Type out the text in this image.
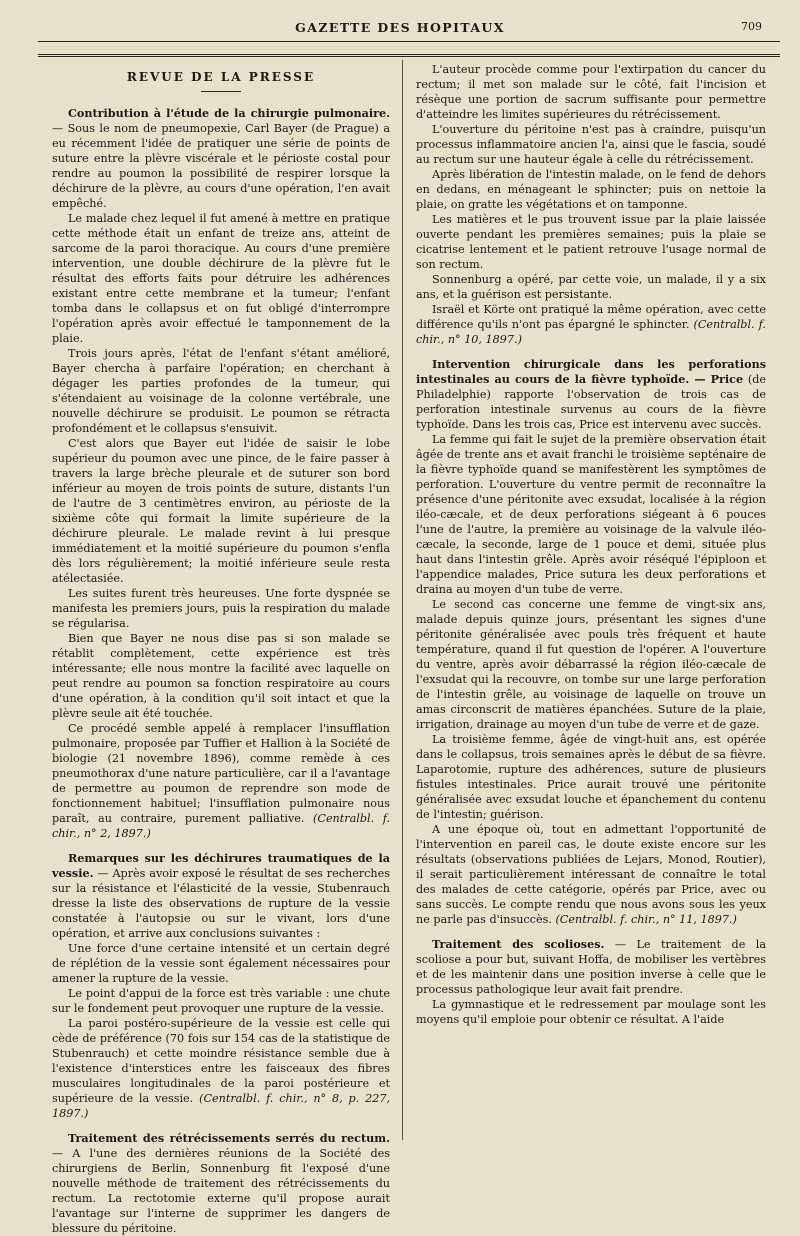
GAZETTE DES HOPITAUX	709
REVUE DE LA PRESSE

Contribution à l'étude de la chirurgie pulmonaire. — Sous le nom de pneumopexie, Carl Bayer (de Prague) a eu récemment l'idée de pratiquer une série de points de suture entre la plèvre viscérale et le périoste costal pour rendre au poumon la possibilité de respirer lorsque la déchirure de la plèvre, au cours d'une opération, l'en avait empêché.

Le malade chez lequel il fut amené à mettre en pratique cette méthode était un enfant de treize ans, atteint de sarcome de la paroi thoracique. Au cours d'une première intervention, une double déchirure de la plèvre fut le résultat des efforts faits pour détruire les adhérences existant entre cette membrane et la tumeur; l'enfant tomba dans le collapsus et on fut obligé d'interrompre l'opération après avoir effectué le tamponnement de la plaie.

Trois jours après, l'état de l'enfant s'étant amélioré, Bayer chercha à parfaire l'opération; en cherchant à dégager les parties profondes de la tumeur, qui s'étendaient au voisinage de la colonne vertébrale, une nouvelle déchirure se produisit. Le poumon se rétracta profondément et le collapsus s'ensuivit.

C'est alors que Bayer eut l'idée de saisir le lobe supérieur du poumon avec une pince, de le faire passer à travers la large brèche pleurale et de suturer son bord inférieur au moyen de trois points de suture, distants l'un de l'autre de 3 centimètres environ, au périoste de la sixième côte qui formait la limite supérieure de la déchirure pleurale. Le malade revint à lui presque immédiatement et la moitié supérieure du poumon s'enfla dès lors régulièrement; la moitié inférieure seule resta atélectasiée.

Les suites furent très heureuses. Une forte dyspnée se manifesta les premiers jours, puis la respiration du malade se régularisa.

Bien que Bayer ne nous dise pas si son malade se rétablit complètement, cette expérience est très intéressante; elle nous montre la facilité avec laquelle on peut rendre au poumon sa fonction respiratoire au cours d'une opération, à la condition qu'il soit intact et que la plèvre seule ait été touchée.

Ce procédé semble appelé à remplacer l'insufflation pulmonaire, proposée par Tuffier et Hallion à la Société de biologie (21 novembre 1896), comme remède à ces pneumothorax d'une nature particulière, car il a l'avantage de permettre au poumon de reprendre son mode de fonctionnement habituel; l'insufflation pulmonaire nous paraît, au contraire, purement palliative. (Centralbl. f. chir., n° 2, 1897.)

Remarques sur les déchirures traumatiques de la vessie. — Après avoir exposé le résultat de ses recherches sur la résistance et l'élasticité de la vessie, Stubenrauch dresse la liste des observations de rupture de la vessie constatée à l'autopsie ou sur le vivant, lors d'une opération, et arrive aux conclusions suivantes :

Une force d'une certaine intensité et un certain degré de réplétion de la vessie sont également nécessaires pour amener la rupture de la vessie.

Le point d'appui de la force est très variable : une chute sur le fondement peut provoquer une rupture de la vessie.

La paroi postéro-supérieure de la vessie est celle qui cède de préférence (70 fois sur 154 cas de la statistique de Stubenrauch) et cette moindre résistance semble due à l'existence d'interstices entre les faisceaux des fibres musculaires longitudinales de la paroi postérieure et supérieure de la vessie. (Centralbl. f. chir., n° 8, p. 227, 1897.)

Traitement des rétrécissements serrés du rectum. — A l'une des dernières réunions de la Société des chirurgiens de Berlin, Sonnenburg fit l'exposé d'une nouvelle méthode de traitement des rétrécissements du rectum. La rectotomie externe qu'il propose aurait l'avantage sur l'interne de supprimer les dangers de blessure du péritoine.

L'auteur procède comme pour l'extirpation du cancer du rectum; il met son malade sur le côté, fait l'incision et résèque une portion de sacrum suffisante pour permettre d'atteindre les limites supérieures du rétrécissement.

L'ouverture du péritoine n'est pas à craindre, puisqu'un processus inflammatoire ancien l'a, ainsi que le fascia, soudé au rectum sur une hauteur égale à celle du rétrécissement.

Après libération de l'intestin malade, on le fend de dehors en dedans, en ménageant le sphincter; puis on nettoie la plaie, on gratte les végétations et on tamponne.

Les matières et le pus trouvent issue par la plaie laissée ouverte pendant les premières semaines; puis la plaie se cicatrise lentement et le patient retrouve l'usage normal de son rectum.

Sonnenburg a opéré, par cette voie, un malade, il y a six ans, et la guérison est persistante.

Israël et Körte ont pratiqué la même opération, avec cette différence qu'ils n'ont pas épargné le sphincter. (Centralbl. f. chir., n° 10, 1897.)

Intervention chirurgicale dans les perforations intestinales au cours de la fièvre typhoïde. — Price (de Philadelphie) rapporte l'observation de trois cas de perforation intestinale survenus au cours de la fièvre typhoïde. Dans les trois cas, Price est intervenu avec succès.

La femme qui fait le sujet de la première observation était âgée de trente ans et avait franchi le troisième septénaire de la fièvre typhoïde quand se manifestèrent les symptômes de perforation. L'ouverture du ventre permit de reconnaître la présence d'une péritonite avec exsudat, localisée à la région iléo-cæcale, et de deux perforations siégeant à 6 pouces l'une de l'autre, la première au voisinage de la valvule iléo-cæcale, la seconde, large de 1 pouce et demi, située plus haut dans l'intestin grêle. Après avoir réséqué l'épiploon et l'appendice malades, Price sutura les deux perforations et draina au moyen d'un tube de verre.

Le second cas concerne une femme de vingt-six ans, malade depuis quinze jours, présentant les signes d'une péritonite généralisée avec pouls très fréquent et haute température, quand il fut question de l'opérer. A l'ouverture du ventre, après avoir débarrassé la région iléo-cæcale de l'exsudat qui la recouvre, on tombe sur une large perforation de l'intestin grêle, au voisinage de laquelle on trouve un amas circonscrit de matières épanchées. Suture de la plaie, irrigation, drainage au moyen d'un tube de verre et de gaze.

La troisième femme, âgée de vingt-huit ans, est opérée dans le collapsus, trois semaines après le début de sa fièvre. Laparotomie, rupture des adhérences, suture de plusieurs fistules intestinales. Price aurait trouvé une péritonite généralisée avec exsudat louche et épanchement du contenu de l'intestin; guérison.

A une époque où, tout en admettant l'opportunité de l'intervention en pareil cas, le doute existe encore sur les résultats (observations publiées de Lejars, Monod, Routier), il serait particulièrement intéressant de connaître le total des malades de cette catégorie, opérés par Price, avec ou sans succès. Le compte rendu que nous avons sous les yeux ne parle pas d'insuccès. (Centralbl. f. chir., n° 11, 1897.)

Traitement des scolioses. — Le traitement de la scoliose a pour but, suivant Hoffa, de mobiliser les vertèbres et de les maintenir dans une position inverse à celle que le processus pathologique leur avait fait prendre.

La gymnastique et le redressement par moulage sont les moyens qu'il emploie pour obtenir ce résultat. A l'aide
